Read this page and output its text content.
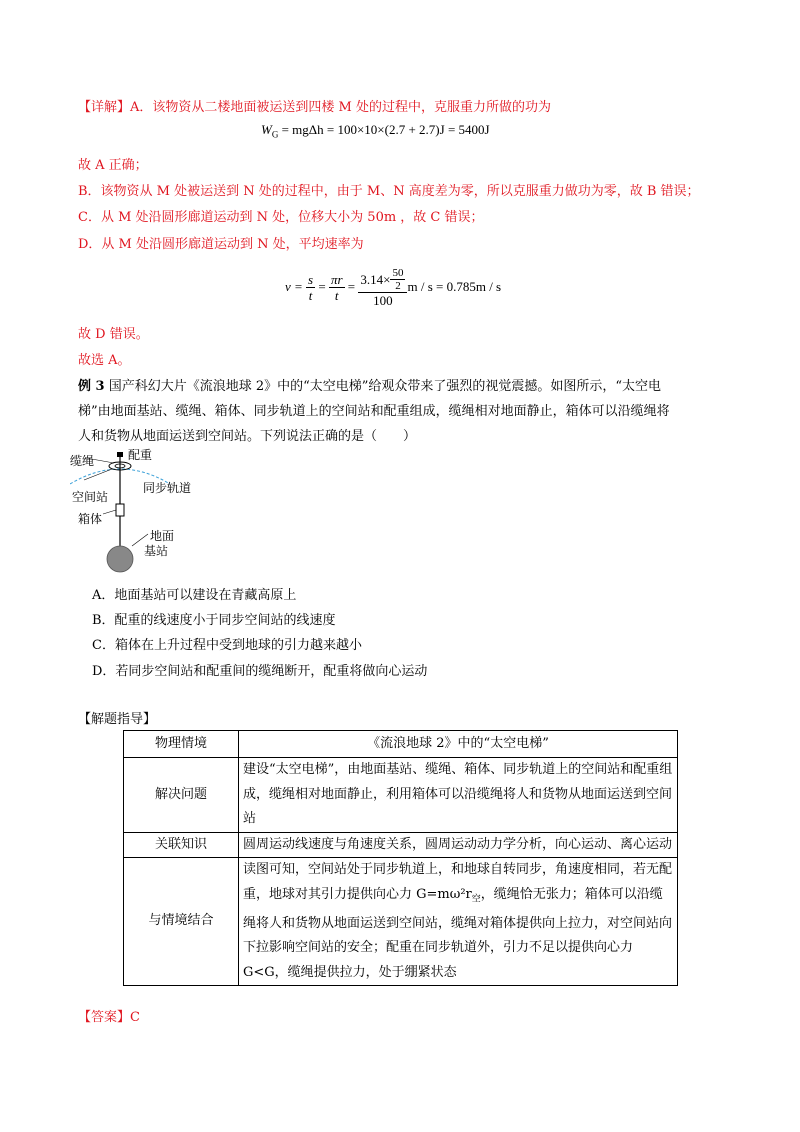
【详解】A．该物资从二楼地面被运送到四楼 M 处的过程中，克服重力所做的功为
$W_G = mg\Delta h = 100\times 10\times(2.7 + 2.7)J = 5400J$
故 A 正确；
B．该物资从 M 处被运送到 N 处的过程中，由于 M、N 高度差为零，所以克服重力做功为零，故 B 错误；
C．从 M 处沿圆形廊道运动到 N 处，位移大小为 50m ，故 C 错误；
D．从 M 处沿圆形廊道运动到 N 处，平均速率为
v =
$\frac{s}{t}$
=
$\frac{\pi r}{t}$
=
$\frac{3.14\times \frac{50}{2}}{100}$ m / s = 0.785m / s
故 D 错误。
故选 A。
例 3 国产科幻大片《流浪地球 2》中的“太空电梯”给观众带来了强烈的视觉震撼。如图所示，“太空电
梯”由地面基站、缆绳、箱体、同步轨道上的空间站和配重组成，缆绳相对地面静止，箱体可以沿缆绳将
人和货物从地面运送到空间站。下列说法正确的是（　　）
缆绳	配重
空间站
同步轨道
箱体
地面
基站
A．地面基站可以建设在青藏高原上
B．配重的线速度小于同步空间站的线速度
C．箱体在上升过程中受到地球的引力越来越小
D．若同步空间站和配重间的缆绳断开，配重将做向心运动
【解题指导】
物理情境	《流浪地球 2》中的“太空电梯”
解决问题	建设“太空电梯”，由地面基站、缆绳、箱体、同步轨道上的空间站和配重组成，缆绳相对地面静止，利用箱体可以沿缆绳将人和货物从地面运送到空间站
关联知识	圆周运动线速度与角速度关系，圆周运动动力学分析，向心运动、离心运动
与情境结合	读图可知，空间站处于同步轨道上，和地球自转同步，角速度相同，若无配重，地球对其引力提供向心力 $G=m\omega^2r_空$，缆绳恰无张力；箱体可以沿缆绳将人和货物从地面运送到空间站，缆绳对箱体提供向上拉力，对空间站向下拉影响空间站的安全；配重在同步轨道外，引力不足以提供向心力 G<G，缆绳提供拉力，处于绷紧状态
【答案】C
